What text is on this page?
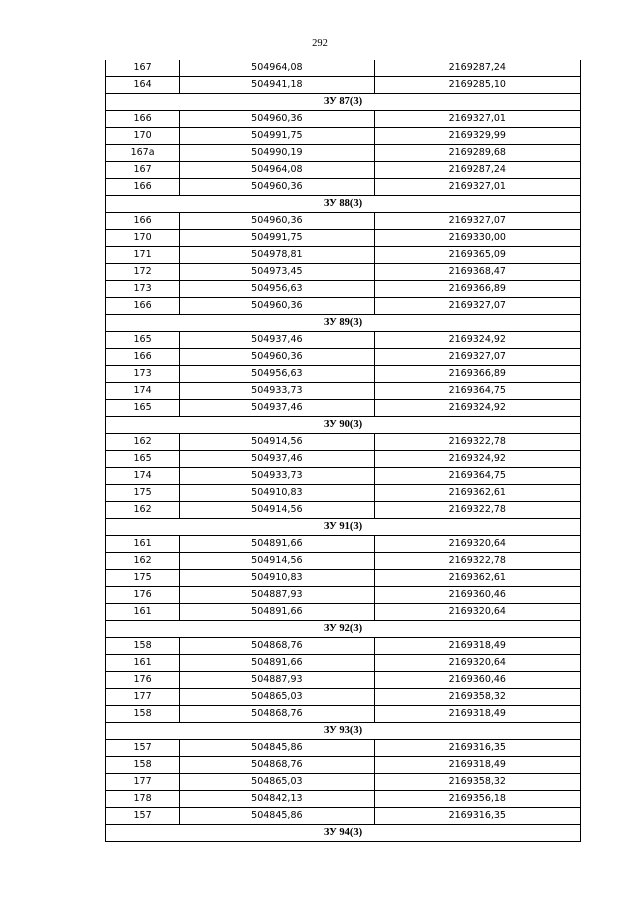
292
167	504964,08	2169287,24
164	504941,18	2169285,10
ЗУ 87(3)		
166	504960,36	2169327,01
170	504991,75	2169329,99
167а	504990,19	2169289,68
167	504964,08	2169287,24
166	504960,36	2169327,01
ЗУ 88(3)		
166	504960,36	2169327,07
170	504991,75	2169330,00
171	504978,81	2169365,09
172	504973,45	2169368,47
173	504956,63	2169366,89
166	504960,36	2169327,07
ЗУ 89(3)		
165	504937,46	2169324,92
166	504960,36	2169327,07
173	504956,63	2169366,89
174	504933,73	2169364,75
165	504937,46	2169324,92
ЗУ 90(3)		
162	504914,56	2169322,78
165	504937,46	2169324,92
174	504933,73	2169364,75
175	504910,83	2169362,61
162	504914,56	2169322,78
ЗУ 91(3)		
161	504891,66	2169320,64
162	504914,56	2169322,78
175	504910,83	2169362,61
176	504887,93	2169360,46
161	504891,66	2169320,64
ЗУ 92(3)		
158	504868,76	2169318,49
161	504891,66	2169320,64
176	504887,93	2169360,46
177	504865,03	2169358,32
158	504868,76	2169318,49
ЗУ 93(3)		
157	504845,86	2169316,35
158	504868,76	2169318,49
177	504865,03	2169358,32
178	504842,13	2169356,18
157	504845,86	2169316,35
ЗУ 94(3)		
